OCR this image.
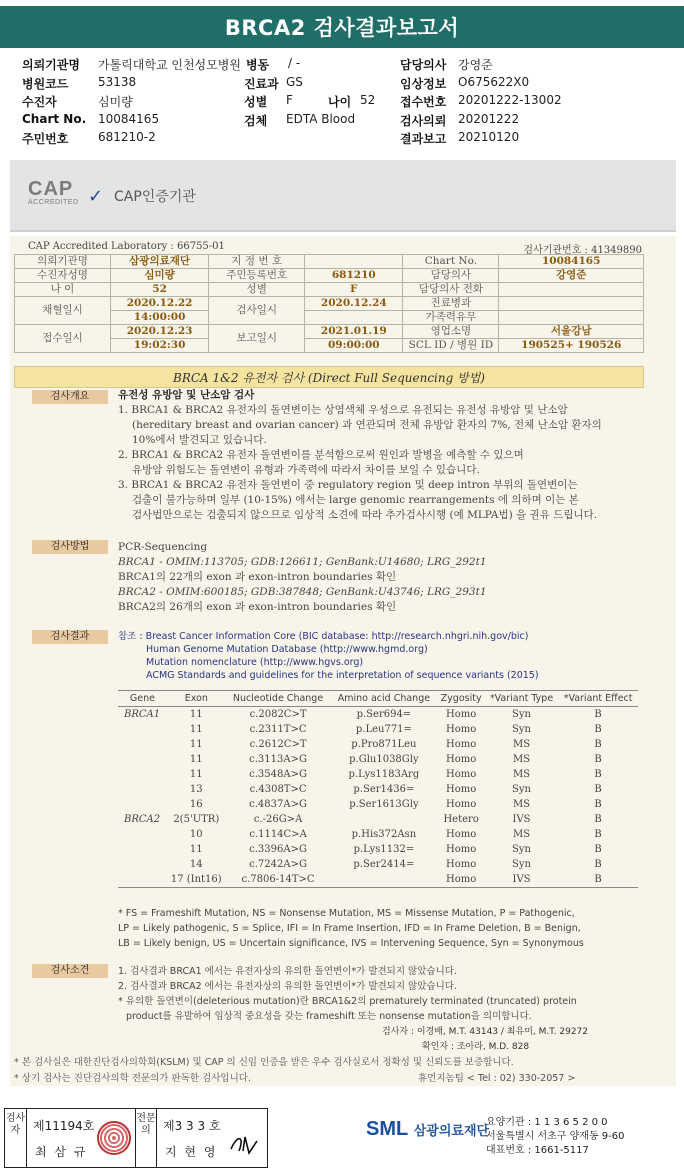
BRCA2 검사결과보고서
의뢰기관명 가톨릭대학교 인천성모병원 병동 / -	담당의사 강영준
병원코드 53138	진료과 GS	임상정보 O675622X0
수진자	심미량	성별 F	나이 52 접수번호 20201222-13002
Chart No. 10084165	검체 EDTA Blood	검사의뢰 20201222
주민번호 681210-2	결과보고 20210120
CAP
ACCREDITED ✓ CAP인증기관
CAP Accredited Laboratory : 66755-01	검사기관번호 : 41349890
의뢰기관명	삼광의료재단	지 정 번 호		Chart No.	10084165
수진자성명	심미량	주민등록번호	681210	담당의사	강영준
나 이	52	성별	F	담당의사 전화	
채혈일시	2020.12.22	검사일시	2020.12.24	진료병과	
	14:00:00			가족력유무	
접수일시	2020.12.23	보고일시	2021.01.19	영업소명	서울강남
	19:02:30		09:00:00	SCL ID / 병원 ID	190525+ 190526
BRCA 1&2 유전자 검사 (Direct Full Sequencing 방법)
검사개요	유전성 유방암 및 난소암 검사
1. BRCA1 & BRCA2 유전자의 돌연변이는 상염색체 우성으로 유전되는 유전성 유방암 및 난소암
(hereditary breast and ovarian cancer) 과 연관되며 전체 유방암 환자의 7%, 전체 난소암 환자의
10%에서 발견되고 있습니다.
2. BRCA1 & BRCA2 유전자 돌연변이를 분석함으로써 원인과 발병을 예측할 수 있으며
유방암 위험도는 돌연변이 유형과 가족력에 따라서 차이를 보일 수 있습니다.
3. BRCA1 & BRCA2 유전자 돌연변이 중 regulatory region 및 deep intron 부위의 돌연변이는
검출이 불가능하며 일부 (10-15%) 에서는 large genomic rearrangements 에 의하며 이는 본
검사법만으로는 검출되지 않으므로 임상적 소견에 따라 추가검사시행 (예 MLPA법) 을 권유 드립니다.
검사방법	PCR-Sequencing
BRCA1 - OMIM:113705; GDB:126611; GenBank:U14680; LRG_292t1
BRCA1의 22개의 exon 과 exon-intron boundaries 확인
BRCA2 - OMIM:600185; GDB:387848; GenBank:U43746; LRG_293t1
BRCA2의 26개의 exon 과 exon-intron boundaries 확인
검사결과	참조 : Breast Cancer Information Core (BIC database: http://research.nhgri.nih.gov/bic)
Human Genome Mutation Database (http://www.hgmd.org)
Mutation nomenclature (http://www.hgvs.org)
ACMG Standards and guidelines for the interpretation of sequence variants (2015)
Gene	Exon	Nucleotide Change	Amino acid Change	Zygosity	*Variant Type	*Variant Effect
BRCA1	11	c.2082C>T	p.Ser694=	Homo	Syn	B
	11	c.2311T>C	p.Leu771=	Homo	Syn	B
	11	c.2612C>T	p.Pro871Leu	Homo	MS	B
	11	c.3113A>G	p.Glu1038Gly	Homo	MS	B
	11	c.3548A>G	p.Lys1183Arg	Homo	MS	B
	13	c.4308T>C	p.Ser1436=	Homo	Syn	B
	16	c.4837A>G	p.Ser1613Gly	Homo	MS	B
BRCA2	2(5'UTR)	c.-26G>A		Hetero	IVS	B
	10	c.1114C>A	p.His372Asn	Homo	MS	B
	11	c.3396A>G	p.Lys1132=	Homo	Syn	B
	14	c.7242A>G	p.Ser2414=	Homo	Syn	B
	17 (Int16)	c.7806-14T>C		Homo	IVS	B
* FS = Frameshift Mutation, NS = Nonsense Mutation, MS = Missense Mutation, P = Pathogenic,
LP = Likely pathogenic, S = Splice, IFI = In Frame Insertion, IFD = In Frame Deletion, B = Benign,
LB = Likely benign, US = Uncertain significance, IVS = Intervening Sequence, Syn = Synonymous
검사소견	1. 검사결과 BRCA1 에서는 유전자상의 유의한 돌연변이*가 발견되지 않았습니다.
2. 검사결과 BRCA2 에서는 유전자상의 유의한 돌연변이*가 발견되지 않았습니다.
* 유의한 돌연변이(deleterious mutation)란 BRCA1&2의 prematurely terminated (truncated) protein
product를 유발하여 임상적 중요성을 갖는 frameshift 또는 nonsense mutation을 의미합니다.
검사자 : 이경배, M.T. 43143 / 최유미, M.T. 29272
확인자 : 조아라, M.D. 828
* 본 검사실은 대한진단검사의학회(KSLM) 및 CAP 의 신임 인증을 받은 우수 검사실로서 정확성 및 신뢰도를 보증합니다.
* 상기 검사는 진단검사의학 전문의가 판독한 검사입니다.	휴먼지놈팀 < Tel : 02) 330-2057 >
검사자	제11194호
최 삼 규
전문의	제3 3 3 호
지 현 영
SML 삼광의료재단
요양기관 : 1 1 3 6 5 2 0 0
서울특별시 서초구 양재동 9-60
대표번호 : 1661-5117
